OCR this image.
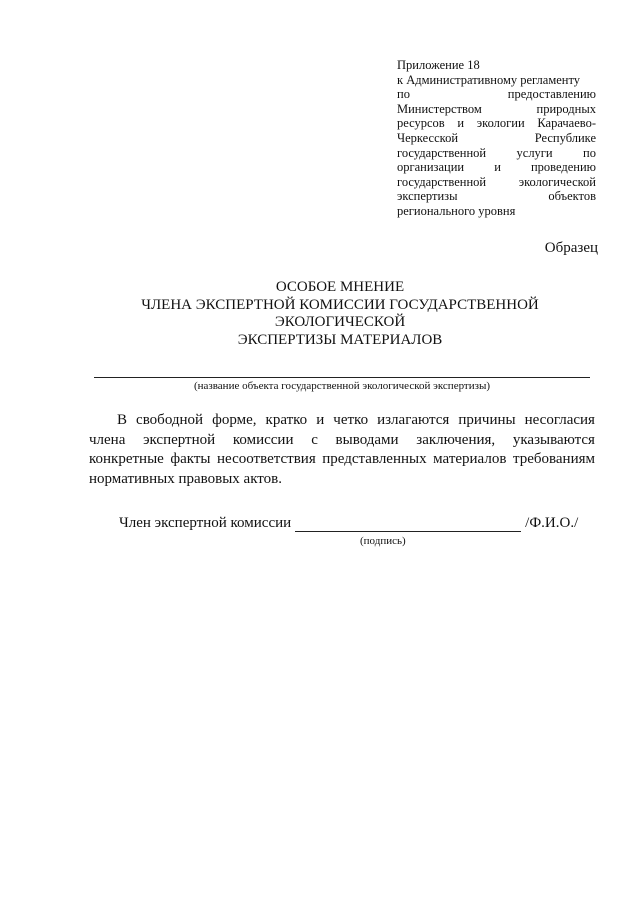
Приложение 18
к Административному регламенту
по	предоставлению
Министерством	природных
ресурсов и экологии Карачаево-
Черкесской	Республике
государственной услуги по
организации и проведению
государственной	экологической
экспертизы	объектов
регионального уровня
Образец
ОСОБОЕ МНЕНИЕ
ЧЛЕНА ЭКСПЕРТНОЙ КОМИССИИ ГОСУДАРСТВЕННОЙ
ЭКОЛОГИЧЕСКОЙ
ЭКСПЕРТИЗЫ МАТЕРИАЛОВ
(название объекта государственной экологической экспертизы)
В свободной форме, кратко и четко излагаются причины несогласия
члена экспертной комиссии с выводами заключения, указываются
конкретные факты несоответствия представленных материалов требованиям
нормативных правовых актов.
Член экспертной комиссии	/Ф.И.О./
(подпись)
